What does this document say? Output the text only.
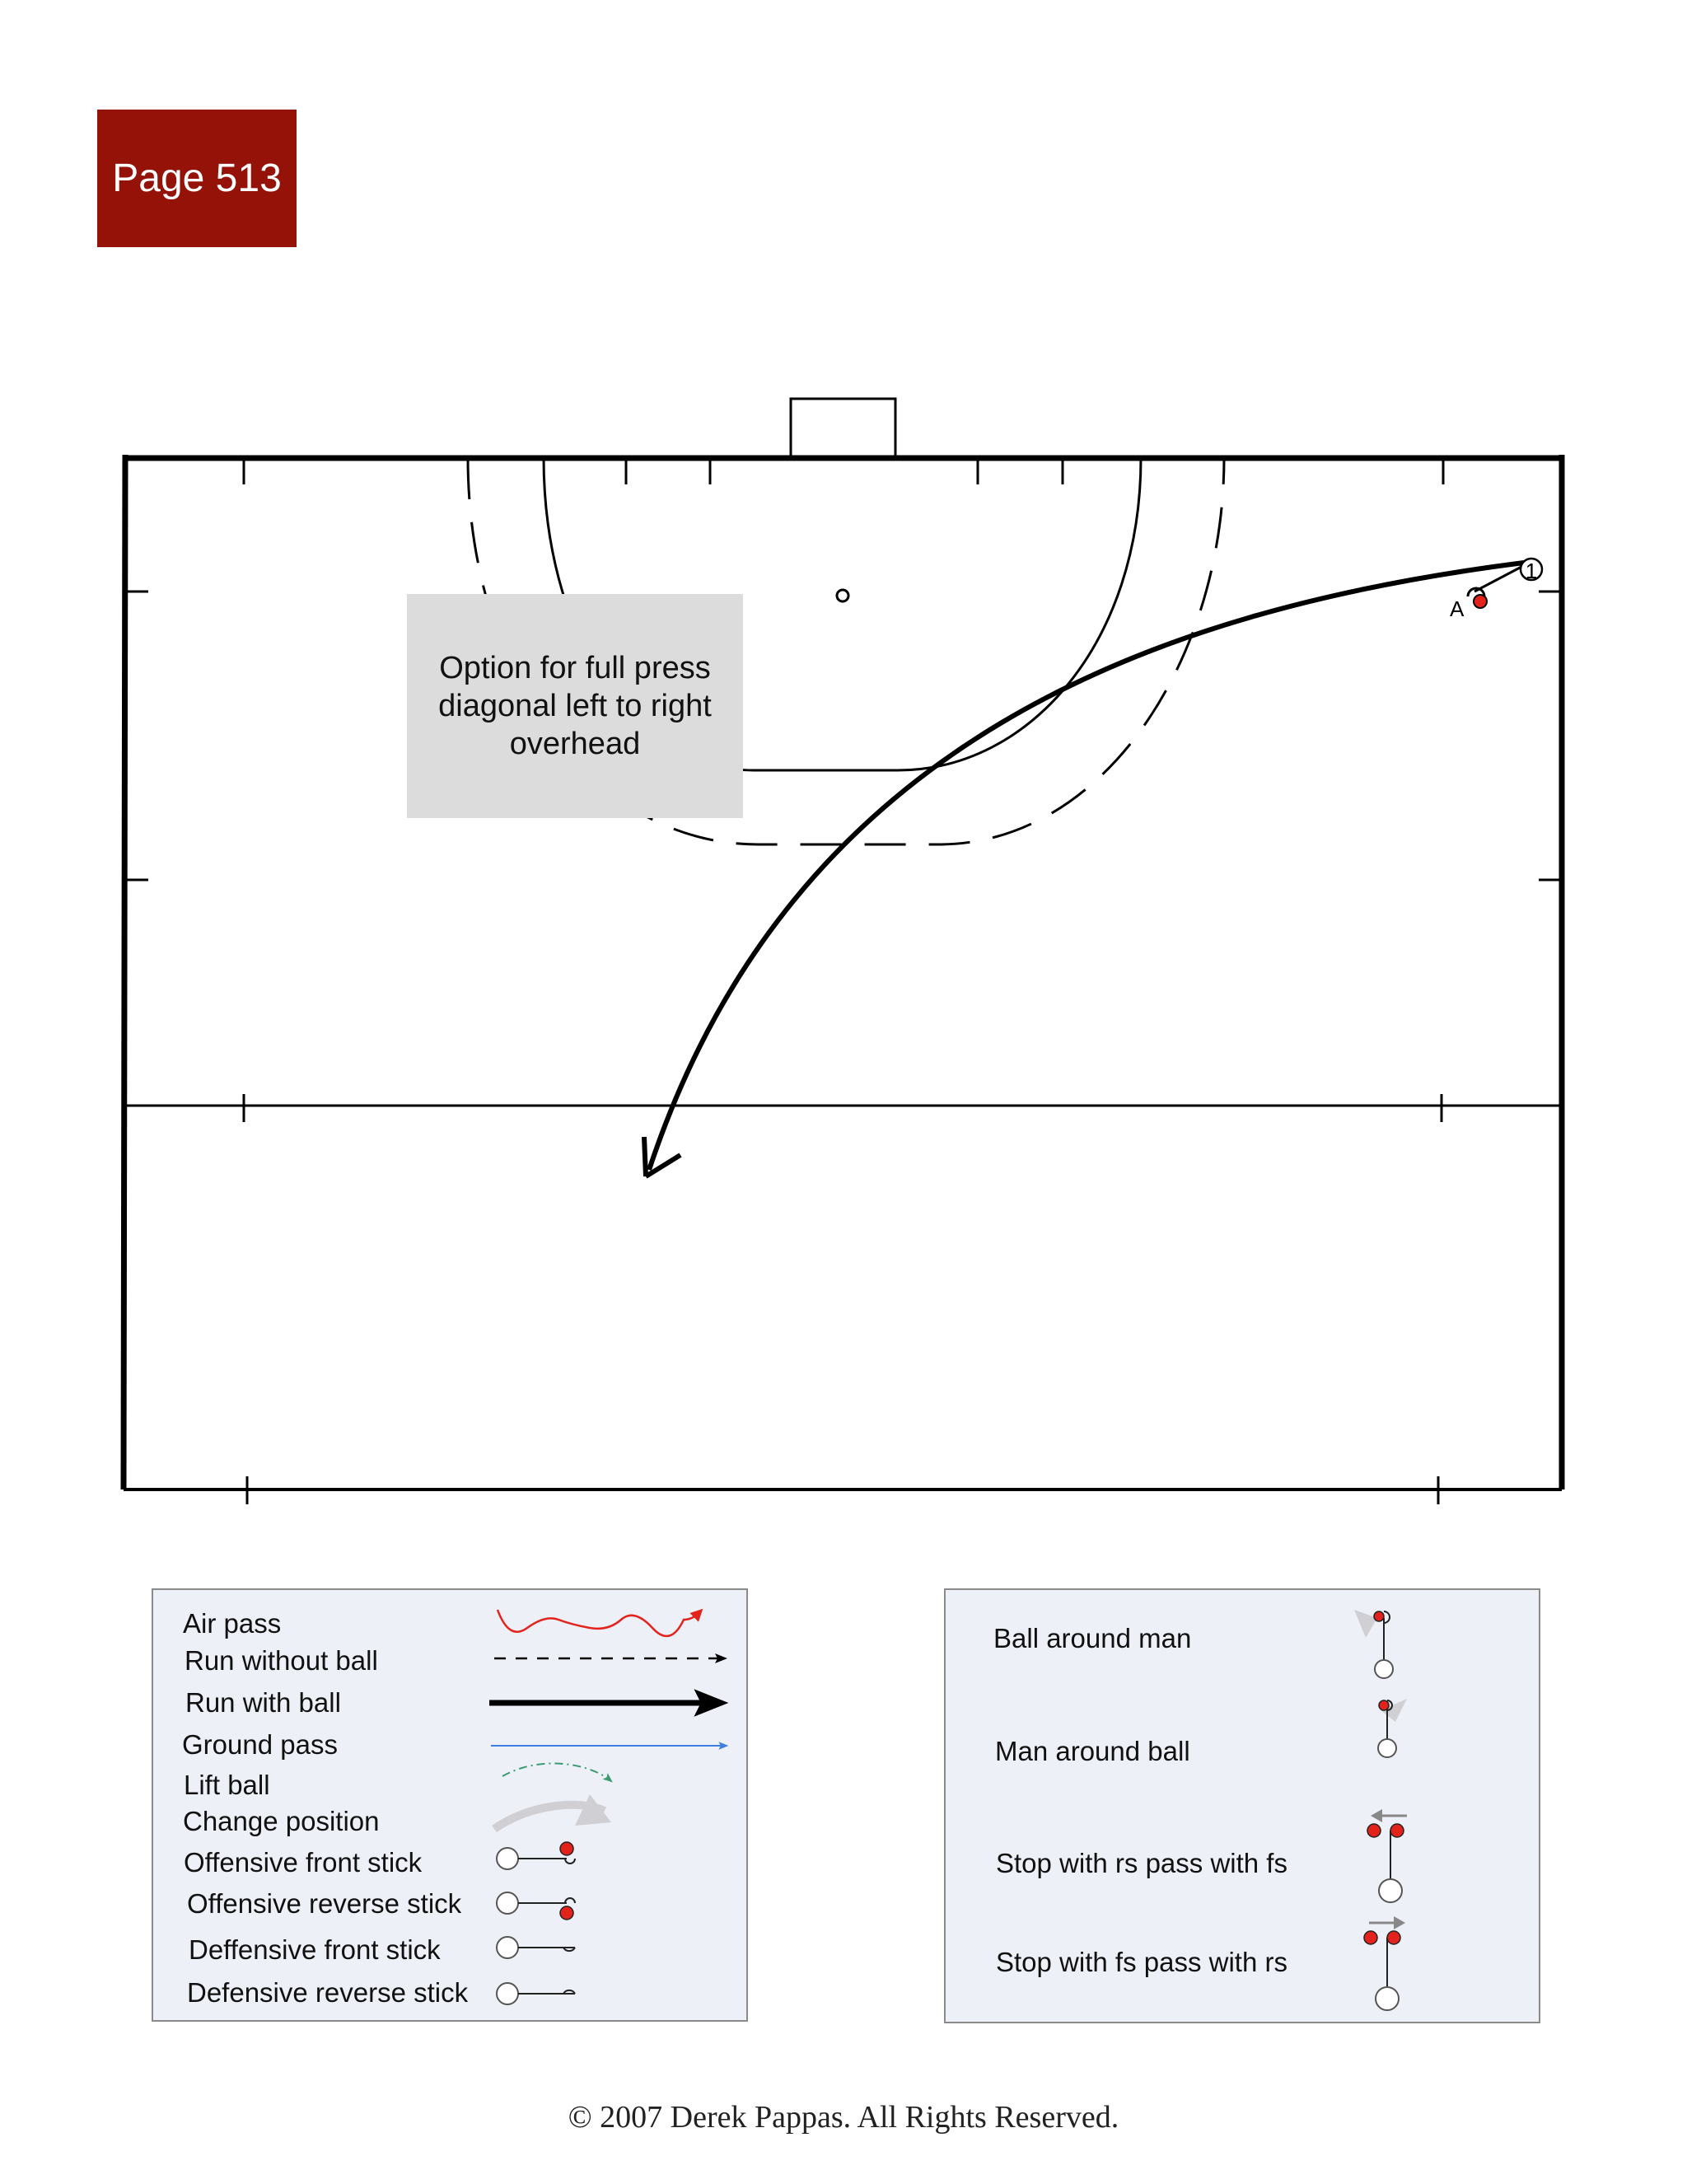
Page 513
1
A
Option for full press
diagonal left to right
overhead
Air pass
Run without ball
Run with ball
Ground pass
Lift ball
Change position
Offensive front stick
Offensive reverse stick
Deffensive front stick
Defensive reverse stick
Ball around man
Man around ball
Stop with rs pass with fs
Stop with fs pass with rs
© 2007 Derek Pappas. All Rights Reserved.
